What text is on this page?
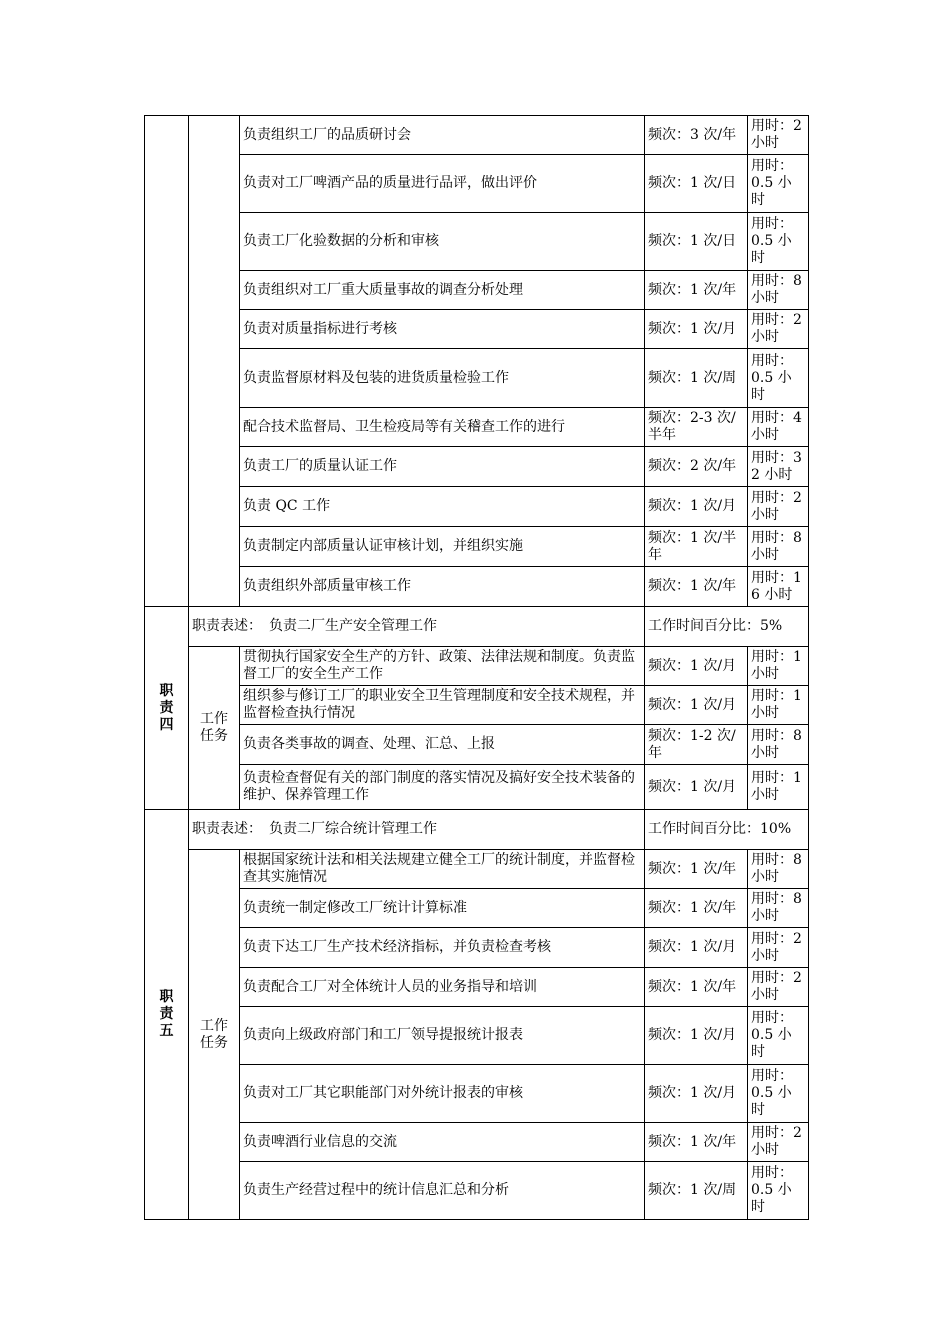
		负责组织工厂的品质研讨会	频次：3 次/年	用时：2 小时
		负责对工厂啤酒产品的质量进行品评，做出评价	频次：1 次/日	用时：0.5 小时
		负责工厂化验数据的分析和审核	频次：1 次/日	用时：0.5 小时
		负责组织对工厂重大质量事故的调查分析处理	频次：1 次/年	用时：8 小时
		负责对质量指标进行考核	频次：1 次/月	用时：2 小时
		负责监督原材料及包装的进货质量检验工作	频次：1 次/周	用时：0.5 小时
		配合技术监督局、卫生检疫局等有关稽查工作的进行	频次：2-3 次/半年	用时：4 小时
		负责工厂的质量认证工作	频次：2 次/年	用时：32 小时
		负责 QC 工作	频次：1 次/月	用时：2 小时
		负责制定内部质量认证审核计划，并组织实施	频次：1 次/半年	用时：8 小时
		负责组织外部质量审核工作	频次：1 次/年	用时：16 小时
职责四	职责表述：　负责二厂生产安全管理工作		工作时间百分比：5%	
	工作任务	贯彻执行国家安全生产的方针、政策、法律法规和制度。负责监督工厂的安全生产工作	频次：1 次/月	用时：1 小时
		组织参与修订工厂的职业安全卫生管理制度和安全技术规程，并监督检查执行情况	频次：1 次/月	用时：1 小时
		负责各类事故的调查、处理、汇总、上报	频次：1-2 次/年	用时：8 小时
		负责检查督促有关的部门制度的落实情况及搞好安全技术装备的维护、保养管理工作	频次：1 次/月	用时：1 小时
职责五	职责表述：　负责二厂综合统计管理工作		工作时间百分比：10%	
	工作任务	根据国家统计法和相关法规建立健全工厂的统计制度，并监督检查其实施情况	频次：1 次/年	用时：8 小时
		负责统一制定修改工厂统计计算标准	频次：1 次/年	用时：8 小时
		负责下达工厂生产技术经济指标，并负责检查考核	频次：1 次/月	用时：2 小时
		负责配合工厂对全体统计人员的业务指导和培训	频次：1 次/年	用时：2 小时
		负责向上级政府部门和工厂领导提报统计报表	频次：1 次/月	用时：0.5 小时
		负责对工厂其它职能部门对外统计报表的审核	频次：1 次/月	用时：0.5 小时
		负责啤酒行业信息的交流	频次：1 次/年	用时：2 小时
		负责生产经营过程中的统计信息汇总和分析	频次：1 次/周	用时：0.5 小时
